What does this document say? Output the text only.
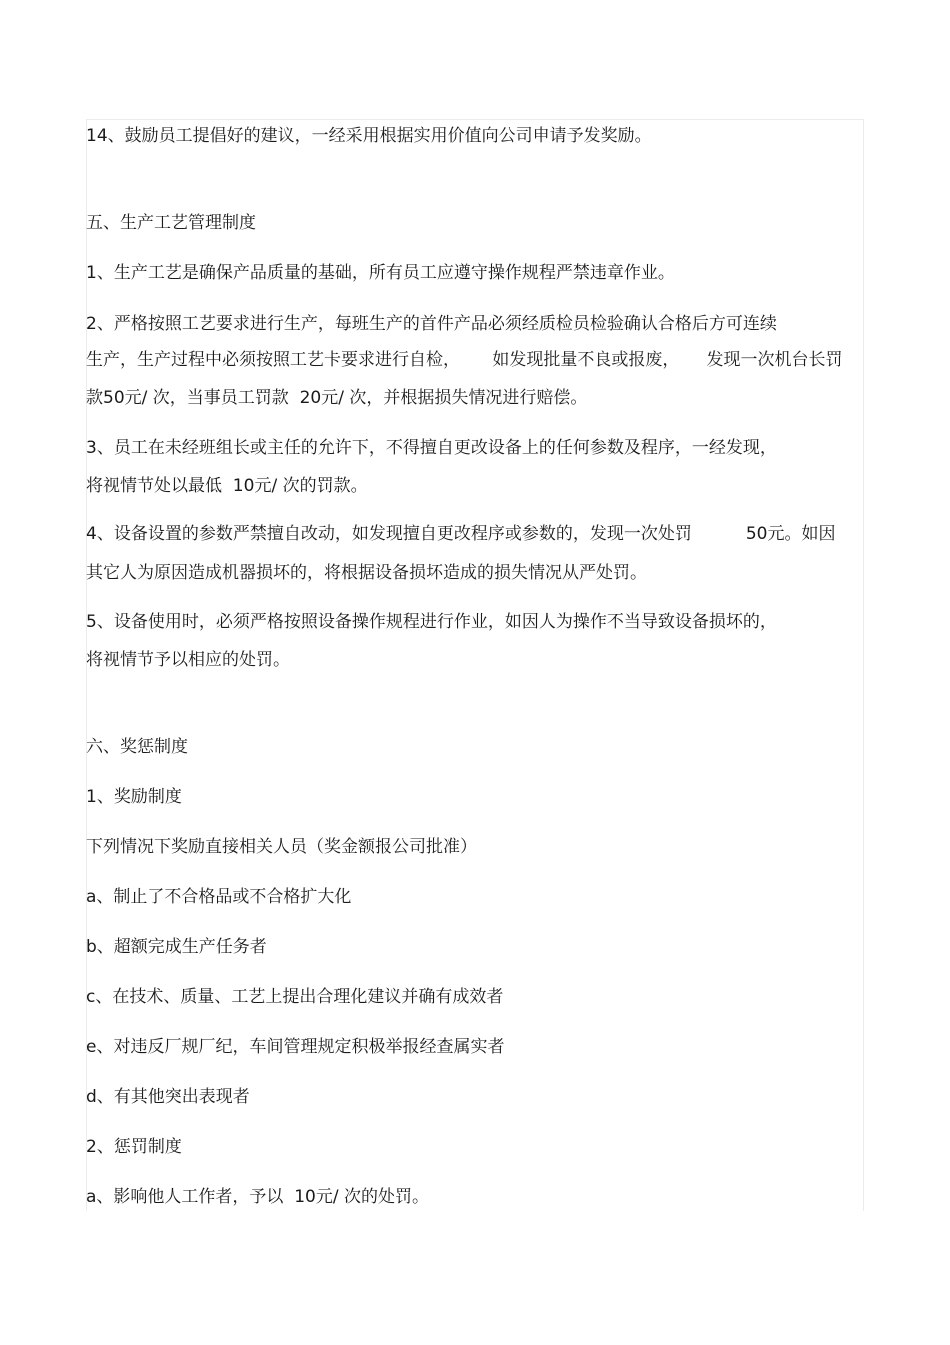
14、鼓励员工提倡好的建议，一经采用根据实用价值向公司申请予发奖励。
五、生产工艺管理制度
1、生产工艺是确保产品质量的基础，所有员工应遵守操作规程严禁违章作业。
2、严格按照工艺要求进行生产，每班生产的首件产品必须经质检员检验确认合格后方可连续
生产，生产过程中必须按照工艺卡要求进行自检，      如发现批量不良或报废，     发现一次机台长罚
款50元/ 次，当事员工罚款  20元/ 次，并根据损失情况进行赔偿。
3、员工在未经班组长或主任的允许下，不得擅自更改设备上的任何参数及程序，一经发现，
将视情节处以最低  10元/ 次的罚款。
4、设备设置的参数严禁擅自改动，如发现擅自更改程序或参数的，发现一次处罚          50元。如因
其它人为原因造成机器损坏的，将根据设备损坏造成的损失情况从严处罚。
5、设备使用时，必须严格按照设备操作规程进行作业，如因人为操作不当导致设备损坏的，
将视情节予以相应的处罚。
六、奖惩制度
1、奖励制度
下列情况下奖励直接相关人员（奖金额报公司批准）
a、制止了不合格品或不合格扩大化
b、超额完成生产任务者
c、在技术、质量、工艺上提出合理化建议并确有成效者
e、对违反厂规厂纪，车间管理规定积极举报经查属实者
d、有其他突出表现者
2、惩罚制度
a、影响他人工作者，予以  10元/ 次的处罚。
